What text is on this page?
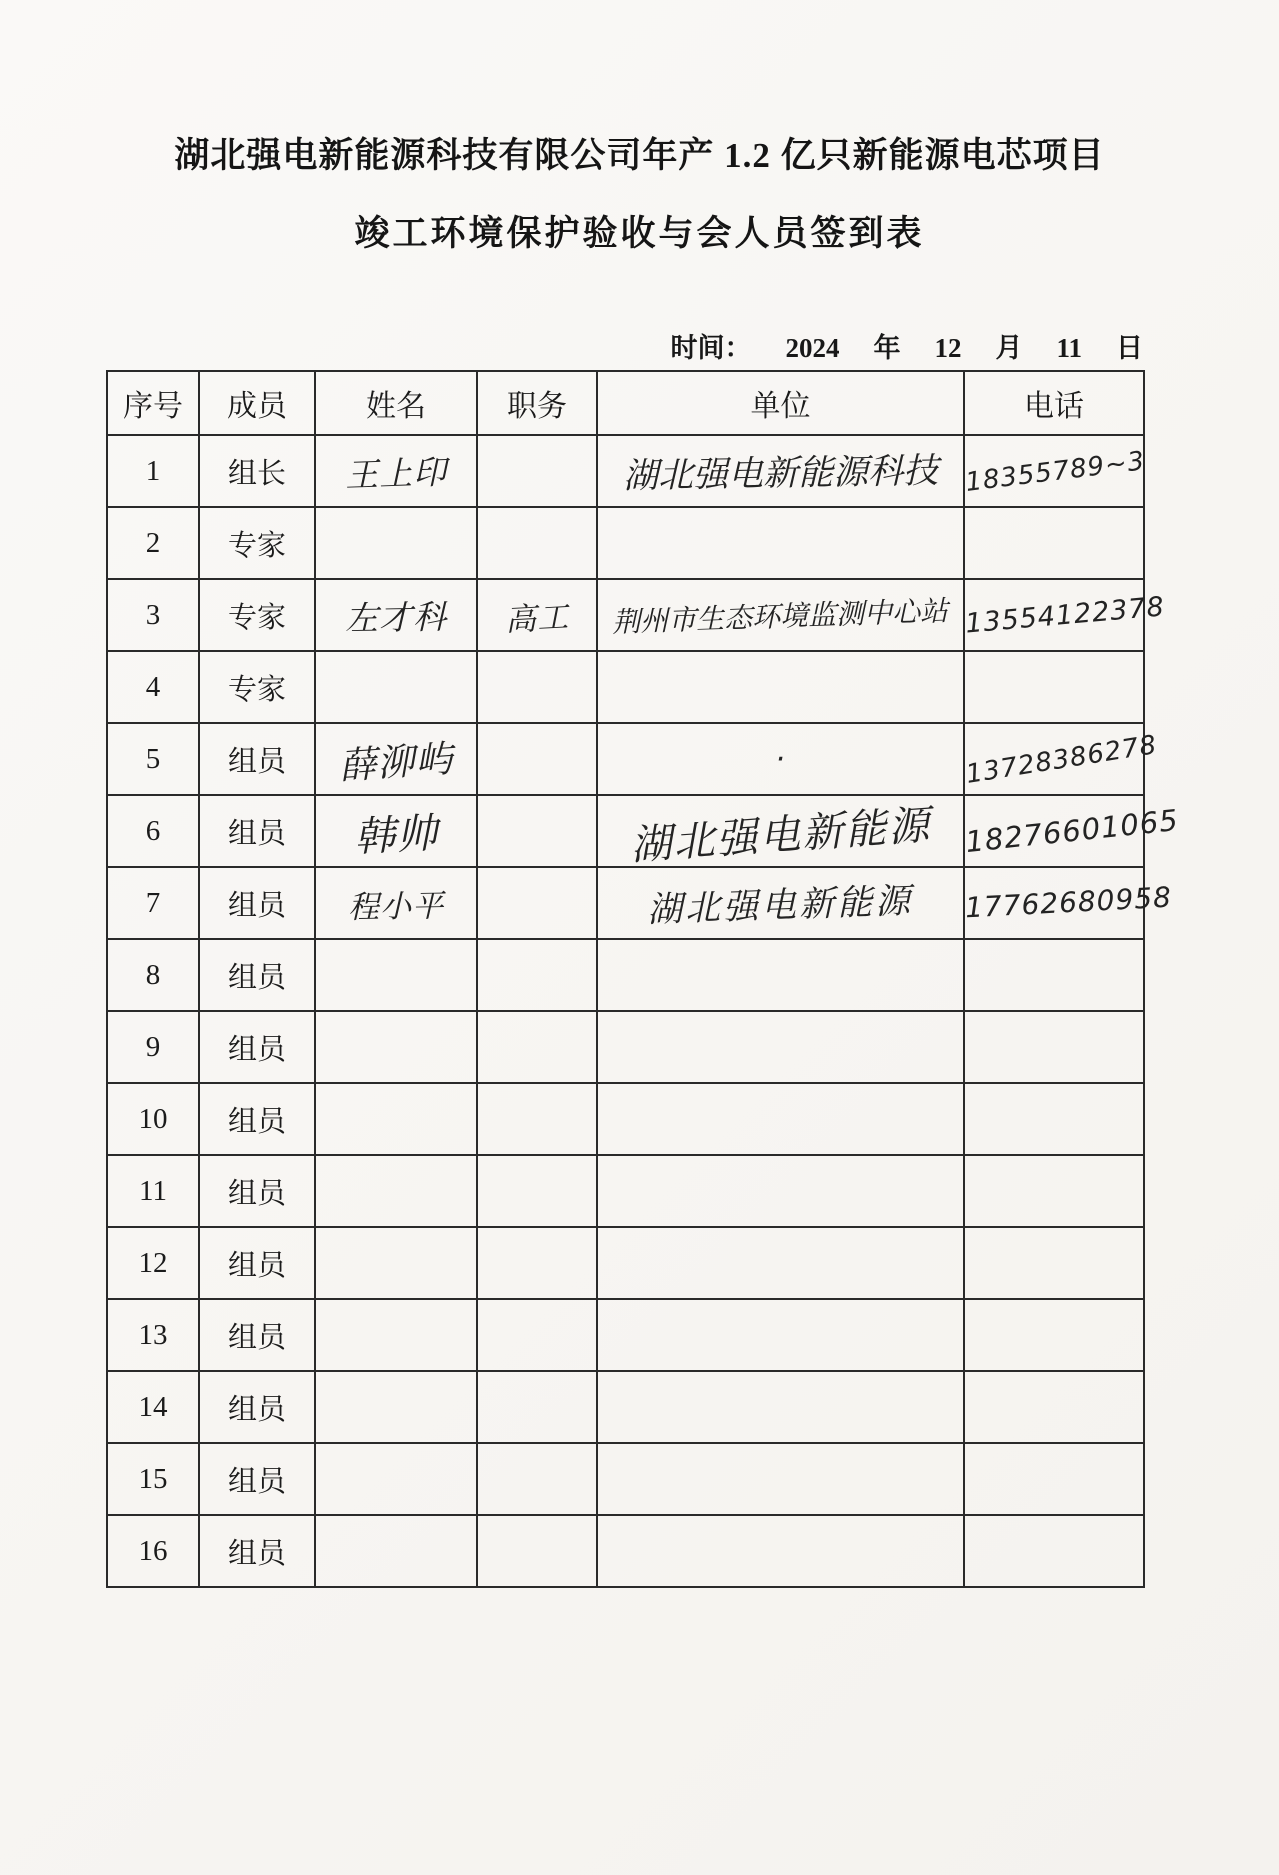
湖北强电新能源科技有限公司年产 1.2 亿只新能源电芯项目
竣工环境保护验收与会人员签到表
时间： 2024 年 12 月 11 日
序号	成员	姓名	职务	单位	电话
1	组长	王上印		湖北强电新能源科技	18355789~3
2	专家				
3	专家	左才科	高工	荆州市生态环境监测中心站	13554122378
4	专家				
5	组员	薛泖屿		·	13728386278
6	组员	韩帅		湖北强电新能源	18276601065
7	组员	程小平		湖北强电新能源	17762680958
8	组员				
9	组员				
10	组员				
11	组员				
12	组员				
13	组员				
14	组员				
15	组员				
16	组员				
